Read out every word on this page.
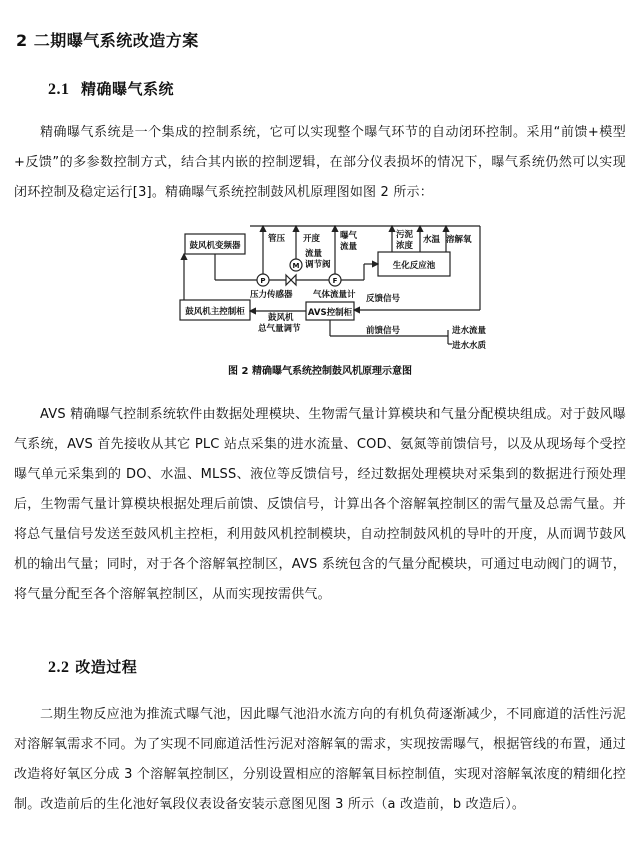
2 二期曝气系统改造方案
2.1 精确曝气系统
精确曝气系统是一个集成的控制系统，它可以实现整个曝气环节的自动闭环控制。采用“前馈+模型+反馈”的多参数控制方式，结合其内嵌的控制逻辑，在部分仪表损坏的情况下，曝气系统仍然可以实现闭环控制及稳定运行[3]。精确曝气系统控制鼓风机原理图如图 2 所示：
鼓风机变频器
生化反应池
鼓风机主控制柜	AVS控制柜
P
管压
压力传感器
M
开度
流量
调节阀
F
曝气
流量
气体流量计
污泥
浓度
水温 溶解氧
反馈信号
鼓风机
总气量调节	前馈信号	进水流量
进水水质
图 2 精确曝气系统控制鼓风机原理示意图
AVS 精确曝气控制系统软件由数据处理模块、生物需气量计算模块和气量分配模块组成。对于鼓风曝气系统，AVS 首先接收从其它 PLC 站点采集的进水流量、COD、氨氮等前馈信号，以及从现场每个受控曝气单元采集到的 DO、水温、MLSS、液位等反馈信号，经过数据处理模块对采集到的数据进行预处理后，生物需气量计算模块根据处理后前馈、反馈信号，计算出各个溶解氧控制区的需气量及总需气量。并将总气量信号发送至鼓风机主控柜，利用鼓风机控制模块，自动控制鼓风机的导叶的开度，从而调节鼓风机的输出气量；同时，对于各个溶解氧控制区，AVS 系统包含的气量分配模块，可通过电动阀门的调节，将气量分配至各个溶解氧控制区，从而实现按需供气。
2.2 改造过程
二期生物反应池为推流式曝气池，因此曝气池沿水流方向的有机负荷逐渐减少，不同廊道的活性污泥对溶解氧需求不同。为了实现不同廊道活性污泥对溶解氧的需求，实现按需曝气，根据管线的布置，通过改造将好氧区分成 3 个溶解氧控制区，分别设置相应的溶解氧目标控制值，实现对溶解氧浓度的精细化控制。改造前后的生化池好氧段仪表设备安装示意图见图 3 所示（a 改造前，b 改造后）。
